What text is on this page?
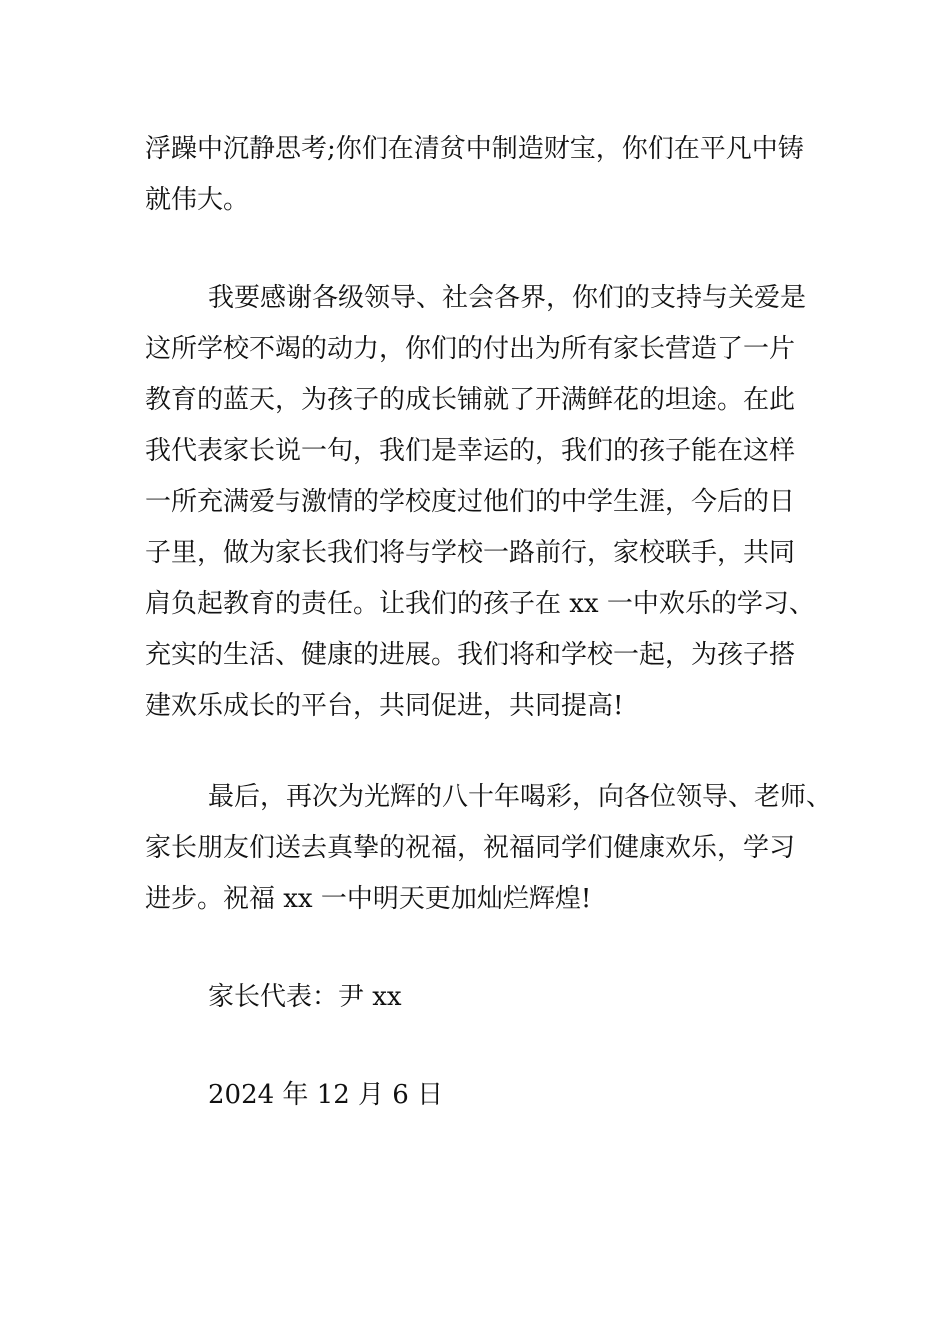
浮躁中沉静思考;你们在清贫中制造财宝，你们在平凡中铸
就伟大。
我要感谢各级领导、社会各界，你们的支持与关爱是
这所学校不竭的动力，你们的付出为所有家长营造了一片
教育的蓝天，为孩子的成长铺就了开满鲜花的坦途。在此
我代表家长说一句，我们是幸运的，我们的孩子能在这样
一所充满爱与激情的学校度过他们的中学生涯，今后的日
子里，做为家长我们将与学校一路前行，家校联手，共同
肩负起教育的责任。让我们的孩子在 xx 一中欢乐的学习、
充实的生活、健康的进展。我们将和学校一起，为孩子搭
建欢乐成长的平台，共同促进，共同提高!
最后，再次为光辉的八十年喝彩，向各位领导、老师、
家长朋友们送去真挚的祝福，祝福同学们健康欢乐，学习
进步。祝福 xx 一中明天更加灿烂辉煌!
家长代表：尹 xx
2024 年 12 月 6 日
